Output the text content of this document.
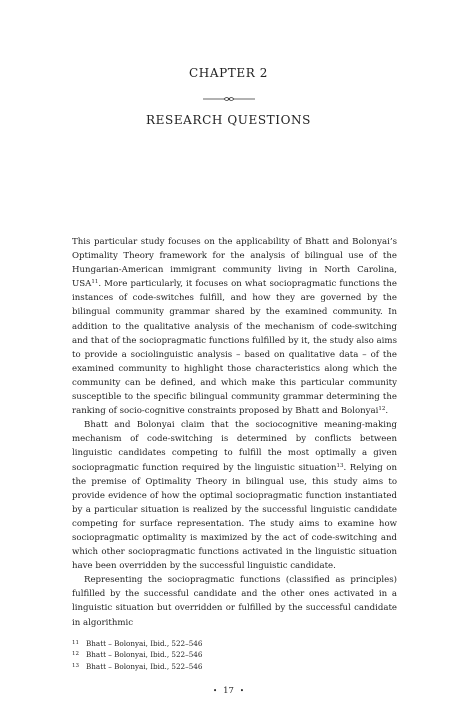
CHAPTER 2
RESEARCH QUESTIONS

This particular study focuses on the applicability of Bhatt and Bolonyai’s Optimality Theory framework for the analysis of bilingual use of the Hungarian-American immigrant community living in North Carolina, USA$^{11}$. More particularly, it focuses on what sociopragmatic functions the instances of code-switches fulfill, and how they are governed by the bilingual community grammar shared by the examined community. In addition to the qualitative analysis of the mechanism of code-switching and that of the sociopragmatic functions fulfilled by it, the study also aims to provide a sociolinguistic analysis – based on qualitative data – of the examined community to highlight those characteristics along which the community can be defined, and which make this particular community susceptible to the specific bilingual community grammar determining the ranking of socio-cognitive constraints proposed by Bhatt and Bolonyai$^{12}$.

Bhatt and Bolonyai claim that the sociocognitive meaning-making mechanism of code-switching is determined by conflicts between linguistic candidates competing to fulfill the most optimally a given sociopragmatic function required by the linguistic situation$^{13}$. Relying on the premise of Optimality Theory in bilingual use, this study aims to provide evidence of how the optimal sociopragmatic function instantiated by a particular situation is realized by the successful linguistic candidate competing for surface representation. The study aims to examine how sociopragmatic optimality is maximized by the act of code-switching and which other sociopragmatic functions activated in the linguistic situation have been overridden by the successful linguistic candidate.

Representing the sociopragmatic functions (classified as principles) fulfilled by the successful candidate and the other ones activated in a linguistic situation but overridden or fulfilled by the successful candidate in algorithmic

11 Bhatt – Bolonyai, Ibid., 522–546
12 Bhatt – Bolonyai, Ibid., 522–546
13 Bhatt – Bolonyai, Ibid., 522–546
• 17 •
